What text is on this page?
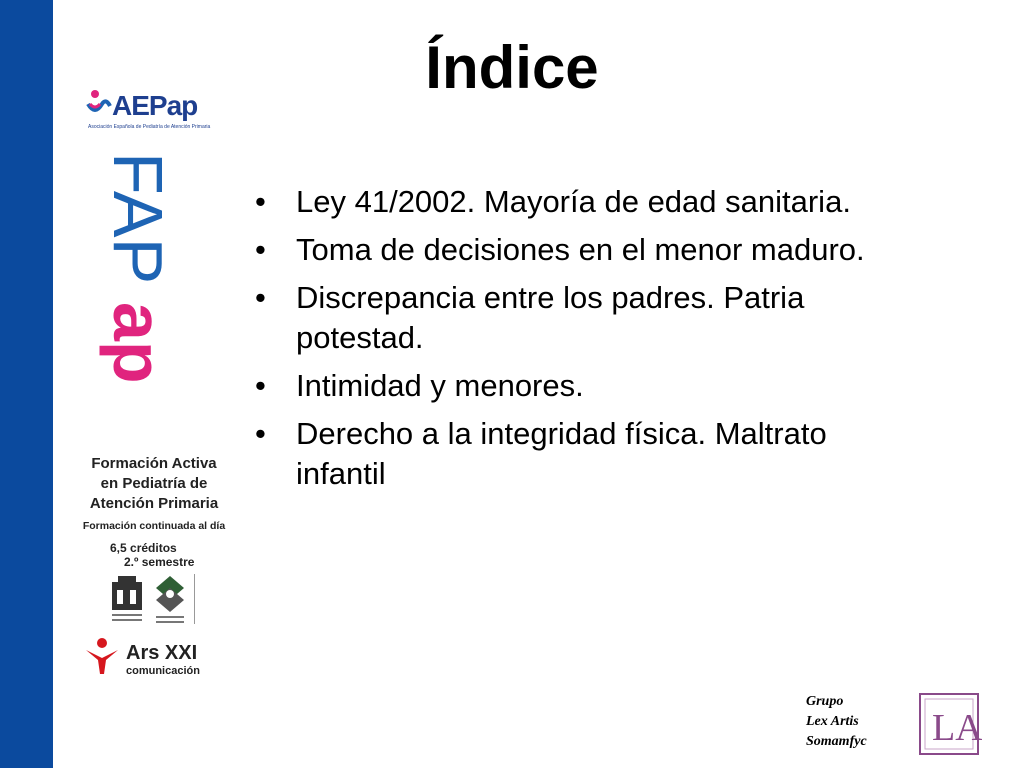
Índice
AEPap
Asociación Española de Pediatría de Atención Primaria
FAP
ap
Formación Activa
en Pediatría de
Atención Primaria
Formación continuada al día
6,5 créditos
2.º semestre
Ars XXI
comunicación
• Ley 41/2002. Mayoría de edad sanitaria.
• Toma de decisiones en el menor maduro.
• Discrepancia entre los padres. Patria potestad.
• Intimidad y menores.
• Derecho a la integridad física. Maltrato infantil
Grupo
Lex Artis
Somamfyc LA
